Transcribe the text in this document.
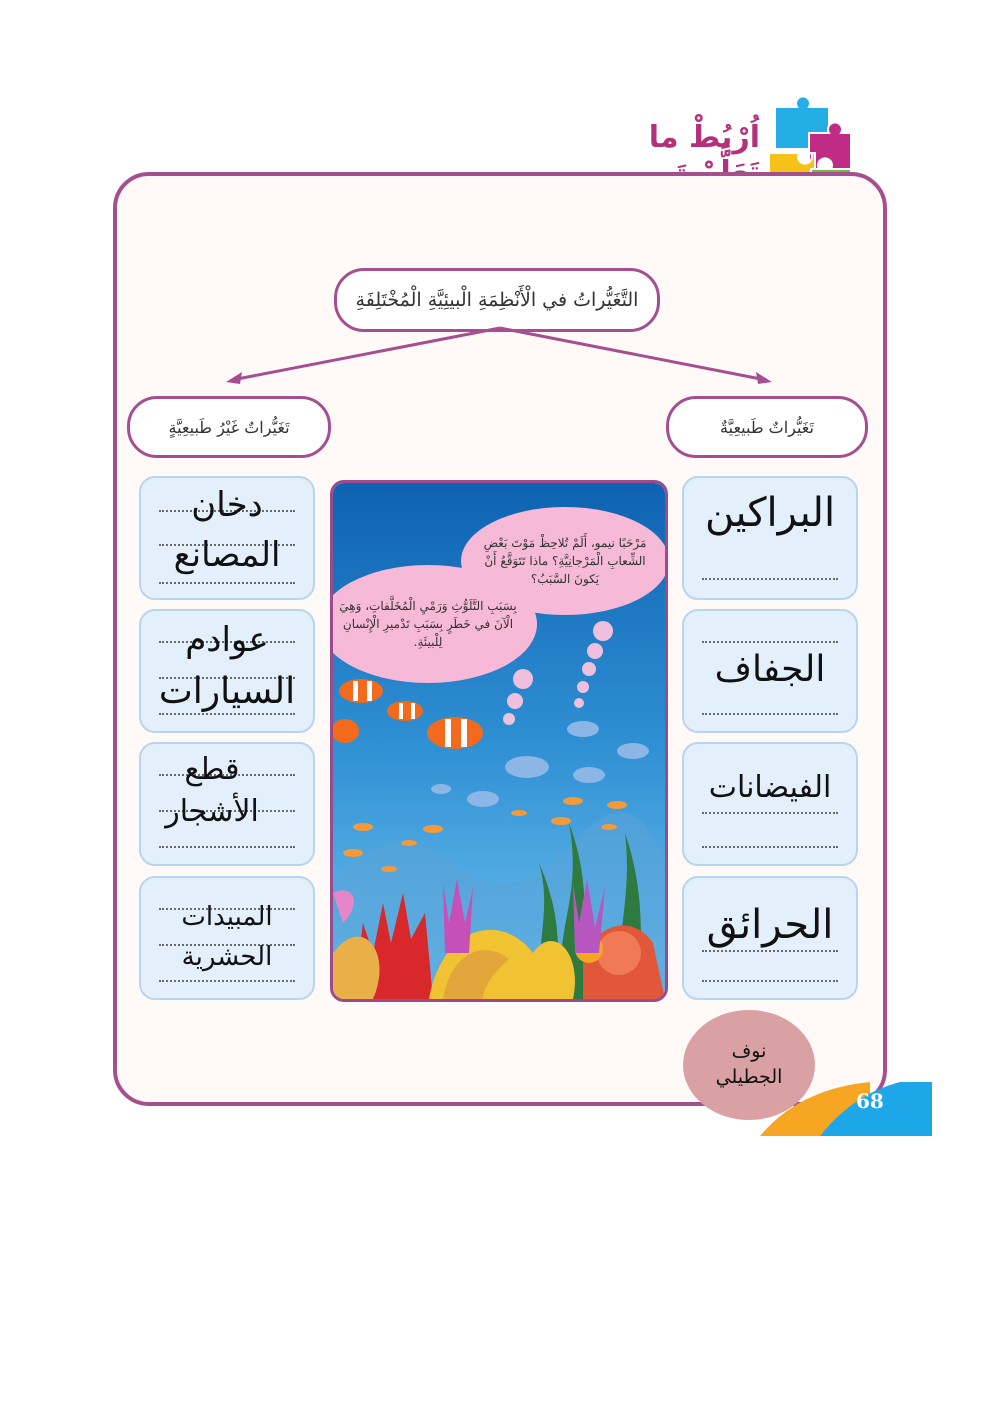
اُرْبُطْ ما
التَّغَيُّراتُ في الْأَنْظِمَةِ الْبيئِيَّةِ الْمُخْتَلِفَةِ
تَغَيُّراتٌ طَبيعِيَّةٌ
تَغَيُّراتٌ غَيْرُ طَبيعِيَّةٍ
البراكين
الجفاف
الفيضانات
الحرائق
دخان
المصانع
عوادم
السيارات
قطع
الأشجار
المبيدات
الحشرية
مَرْحَبًا نيمو، أَلَمْ تُلاحِظْ مَوْتَ بَعْضِ الشِّعابِ الْمَرْجانِيَّةِ؟ ماذا تَتَوَقَّعُ أَنْ يَكونَ السَّبَبُ؟
بِسَبَبِ التَّلَوُّثِ وَرَمْيِ الْمُخَلَّفاتِ، وَهِيَ الْآنَ في خَطَرٍ بِسَبَبِ تَدْميرِ الْإِنْسانِ لِلْبيئَةِ.
نوف
الجطيلي
68
